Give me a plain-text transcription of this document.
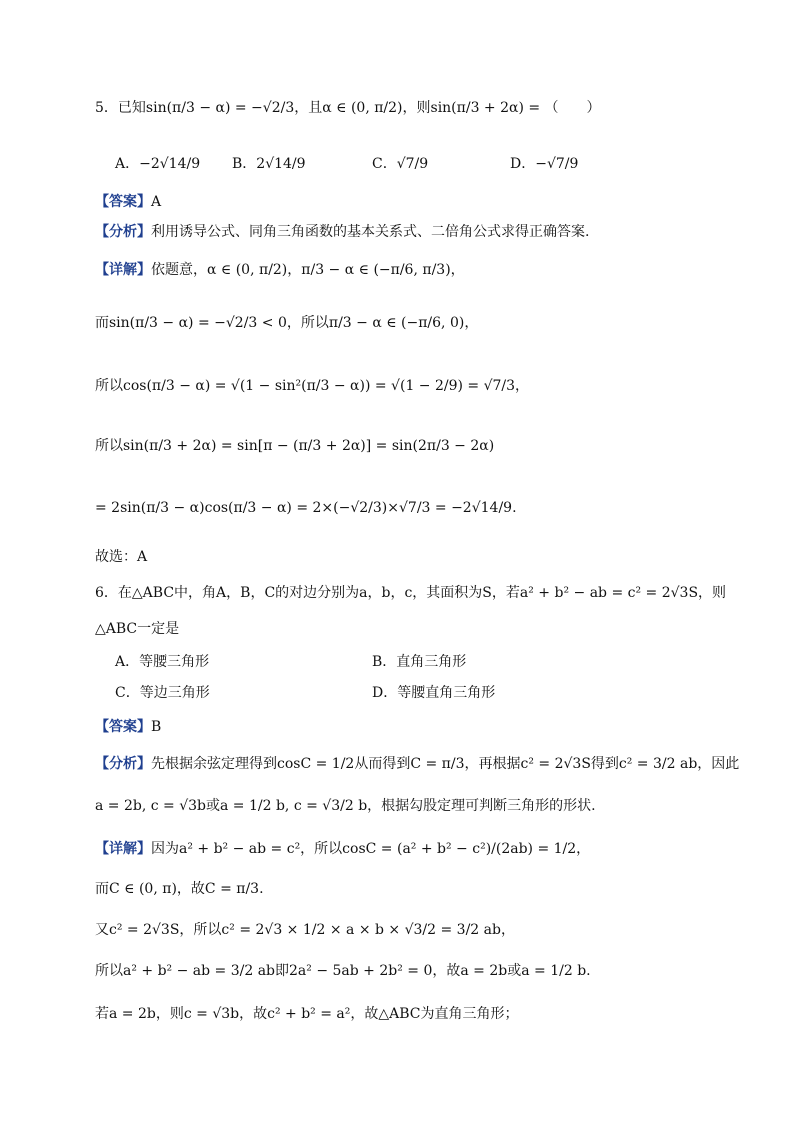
5．已知sin(π/3 − α) = −√2/3，且α ∈ (0, π/2)，则sin(π/3 + 2α) = （　　）
A．−2√14/9 B．2√14/9	C．√7/9	D．−√7/9
【答案】A
【分析】利用诱导公式、同角三角函数的基本关系式、二倍角公式求得正确答案.
【详解】依题意，α ∈ (0, π/2)，π/3 − α ∈ (−π/6, π/3)，
而sin(π/3 − α) = −√2/3 < 0，所以π/3 − α ∈ (−π/6, 0)，
所以cos(π/3 − α) = √(1 − sin²(π/3 − α)) = √(1 − 2/9) = √7/3，
所以sin(π/3 + 2α) = sin[π − (π/3 + 2α)] = sin(2π/3 − 2α)
= 2sin(π/3 − α)cos(π/3 − α) = 2×(−√2/3)×√7/3 = −2√14/9.
故选：A
6．在△ABC中，角A，B，C的对边分别为a，b，c，其面积为S，若a² + b² − ab = c² = 2√3S，则
△ABC一定是
A．等腰三角形	B．直角三角形
C．等边三角形	D．等腰直角三角形
【答案】B
【分析】先根据余弦定理得到cosC = 1/2从而得到C = π/3，再根据c² = 2√3S得到c² = 3/2 ab，因此
a = 2b, c = √3b或a = 1/2 b, c = √3/2 b，根据勾股定理可判断三角形的形状.
【详解】因为a² + b² − ab = c²，所以cosC = (a² + b² − c²)/(2ab) = 1/2，
而C ∈ (0, π)，故C = π/3.
又c² = 2√3S，所以c² = 2√3 × 1/2 × a × b × √3/2 = 3/2 ab，
所以a² + b² − ab = 3/2 ab即2a² − 5ab + 2b² = 0，故a = 2b或a = 1/2 b.
若a = 2b，则c = √3b，故c² + b² = a²，故△ABC为直角三角形；
